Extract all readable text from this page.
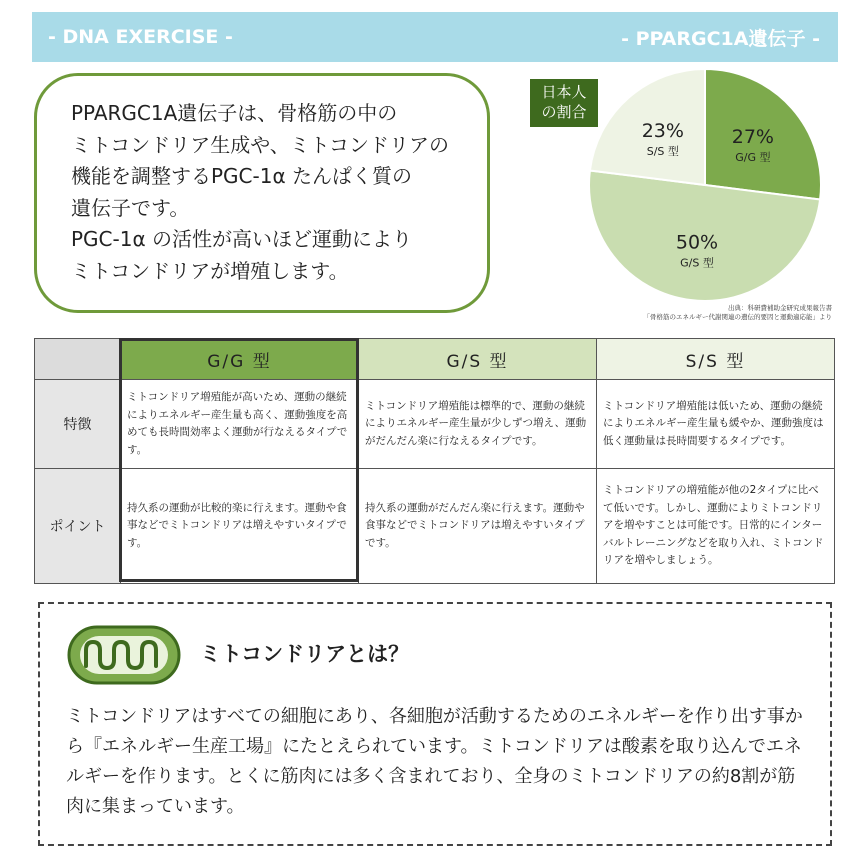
- DNA EXERCISE -	- PPARGC1A遺伝子 -

PPARGC1A遺伝子は、骨格筋の中の

ミトコンドリア生成や、ミトコンドリアの

機能を調整するPGC-1α たんぱく質の

遺伝子です。

PGC-1α の活性が高いほど運動により

ミトコンドリアが増殖します。

日本人
の割合
27%
G/G 型
50%
G/S 型
23%
S/S 型
出典：科研費補助金研究成果報告書
「骨格筋のエネルギー代謝関連の遺伝的要因と運動適応能」より
	G/G 型	G/S 型	S/S 型
特徴	ミトコンドリア増殖能が高いため、運動の継続によりエネルギー産生量も高く、運動強度を高めても長時間効率よく運動が行なえるタイプです。	ミトコンドリア増殖能は標準的で、運動の継続によりエネルギー産生量が少しずつ増え、運動がだんだん楽に行なえるタイプです。	ミトコンドリア増殖能は低いため、運動の継続によりエネルギー産生量も緩やか、運動強度は低く運動量は長時間要するタイプです。
ポイント	持久系の運動が比較的楽に行えます。運動や食事などでミトコンドリアは増えやすいタイプです。	持久系の運動がだんだん楽に行えます。運動や食事などでミトコンドリアは増えやすいタイプです。	ミトコンドリアの増殖能が他の2タイプに比べて低いです。しかし、運動によりミトコンドリアを増やすことは可能です。日常的にインターバルトレーニングなどを取り入れ、ミトコンドリアを増やしましょう。
ミトコンドリアとは？

ミトコンドリアはすべての細胞にあり、各細胞が活動するためのエネルギーを作り出す事から『エネルギー生産工場』にたとえられています。ミトコンドリアは酸素を取り込んでエネルギーを作ります。とくに筋肉には多く含まれており、全身のミトコンドリアの約8割が筋肉に集まっています。
